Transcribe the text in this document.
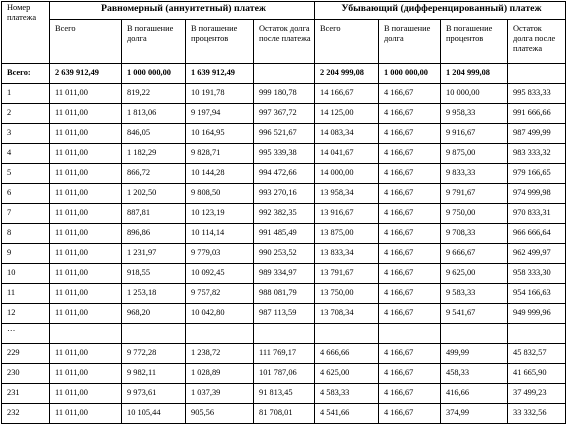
Номер платежа	Равномерный (аннуитетный) платеж				Убывающий (дифференцированный) платеж			
	Всего	В погашение долга	В погашение процентов	Остаток долга после платежа	Всего	В погашение долга	В погашение процентов	Остаток долга после платежа
Всего:	2 639 912,49	1 000 000,00	1 639 912,49		2 204 999,08	1 000 000,00	1 204 999,08	
1	11 011,00	819,22	10 191,78	999 180,78	14 166,67	4 166,67	10 000,00	995 833,33
2	11 011,00	1 813,06	9 197,94	997 367,72	14 125,00	4 166,67	9 958,33	991 666,66
3	11 011,00	846,05	10 164,95	996 521,67	14 083,34	4 166,67	9 916,67	987 499,99
4	11 011,00	1 182,29	9 828,71	995 339,38	14 041,67	4 166,67	9 875,00	983 333,32
5	11 011,00	866,72	10 144,28	994 472,66	14 000,00	4 166,67	9 833,33	979 166,65
6	11 011,00	1 202,50	9 808,50	993 270,16	13 958,34	4 166,67	9 791,67	974 999,98
7	11 011,00	887,81	10 123,19	992 382,35	13 916,67	4 166,67	9 750,00	970 833,31
8	11 011,00	896,86	10 114,14	991 485,49	13 875,00	4 166,67	9 708,33	966 666,64
9	11 011,00	1 231,97	9 779,03	990 253,52	13 833,34	4 166,67	9 666,67	962 499,97
10	11 011,00	918,55	10 092,45	989 334,97	13 791,67	4 166,67	9 625,00	958 333,30
11	11 011,00	1 253,18	9 757,82	988 081,79	13 750,00	4 166,67	9 583,33	954 166,63
12	11 011,00	968,20	10 042,80	987 113,59	13 708,34	4 166,67	9 541,67	949 999,96
…								
229	11 011,00	9 772,28	1 238,72	111 769,17	4 666,66	4 166,67	499,99	45 832,57
230	11 011,00	9 982,11	1 028,89	101 787,06	4 625,00	4 166,67	458,33	41 665,90
231	11 011,00	9 973,61	1 037,39	91 813,45	4 583,33	4 166,67	416,66	37 499,23
232	11 011,00	10 105,44	905,56	81 708,01	4 541,66	4 166,67	374,99	33 332,56
